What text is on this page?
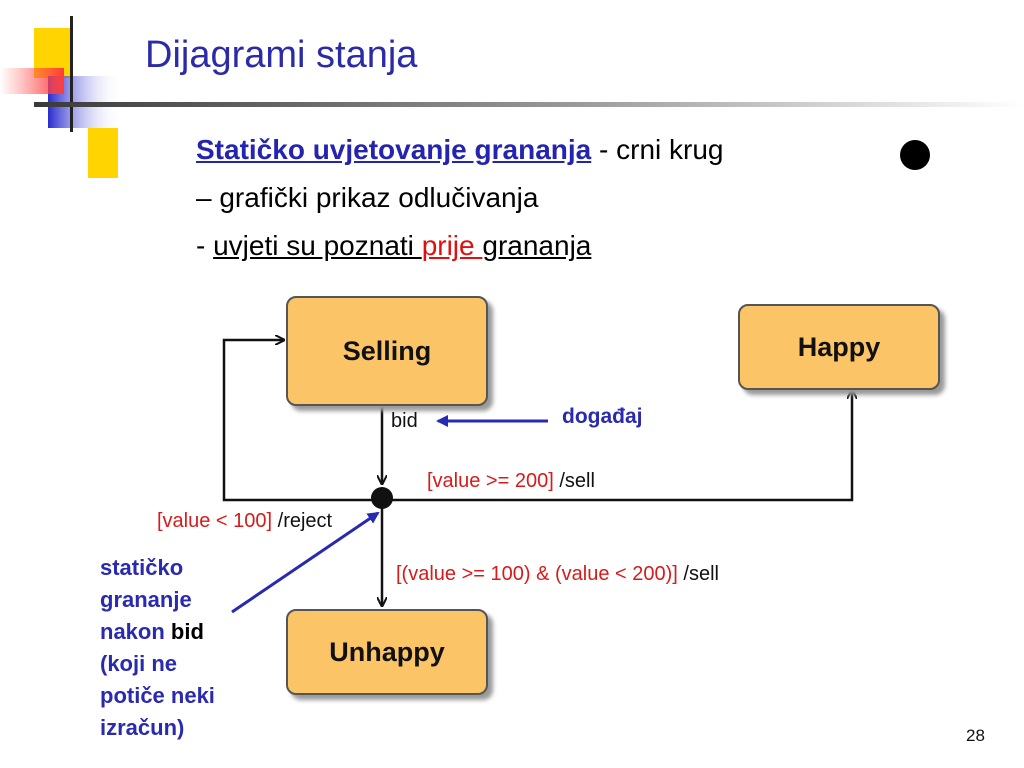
Dijagrami stanja
Statičko uvjetovanje grananja - crni krug
– grafički prikaz odlučivanja
- uvjeti su poznati prije grananja
Selling	Happy
Unhappy
bid	događaj
[value >= 200] /sell
[value < 100] /reject
[(value >= 100) & (value < 200)] /sell
statičko
grananje
nakon bid
(koji ne
potiče neki
izračun)	28
